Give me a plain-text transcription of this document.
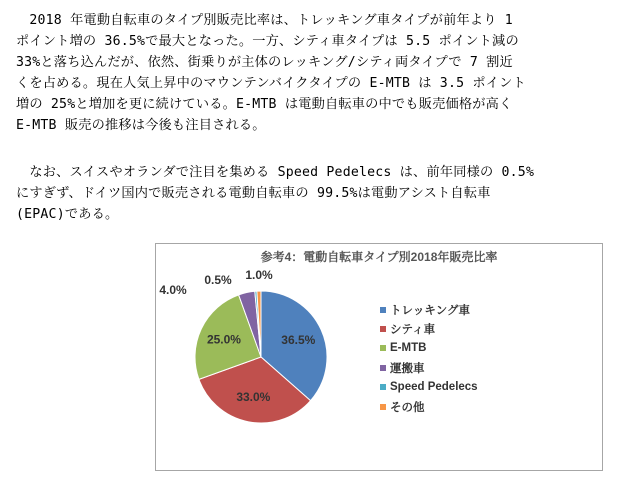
　2018 年電動自転車のタイプ別販売比率は、トレッキング車タイプが前年より 1
ポイント増の 36.5%で最大となった。一方、シティ車タイプは 5.5 ポイント減の
33%と落ち込んだが、依然、街乗りが主体のレッキング/シティ両タイプで 7 割近
くを占める。現在人気上昇中のマウンテンバイクタイプの E-MTB は 3.5 ポイント
増の 25%と増加を更に続けている。E-MTB は電動自転車の中でも販売価格が高く
E-MTB 販売の推移は今後も注目される。
　なお、スイスやオランダで注目を集める Speed Pedelecs は、前年同様の 0.5%
にすぎず、ドイツ国内で販売される電動自転車の 99.5%は電動アシスト自転車
(EPAC)である。
参考4：電動自転車タイプ別2018年販売比率
36.5%
33.0%
25.0%
4.0%
0.5% 1.0%
トレッキング車
シティ車
E-MTB
運搬車
Speed Pedelecs
その他
